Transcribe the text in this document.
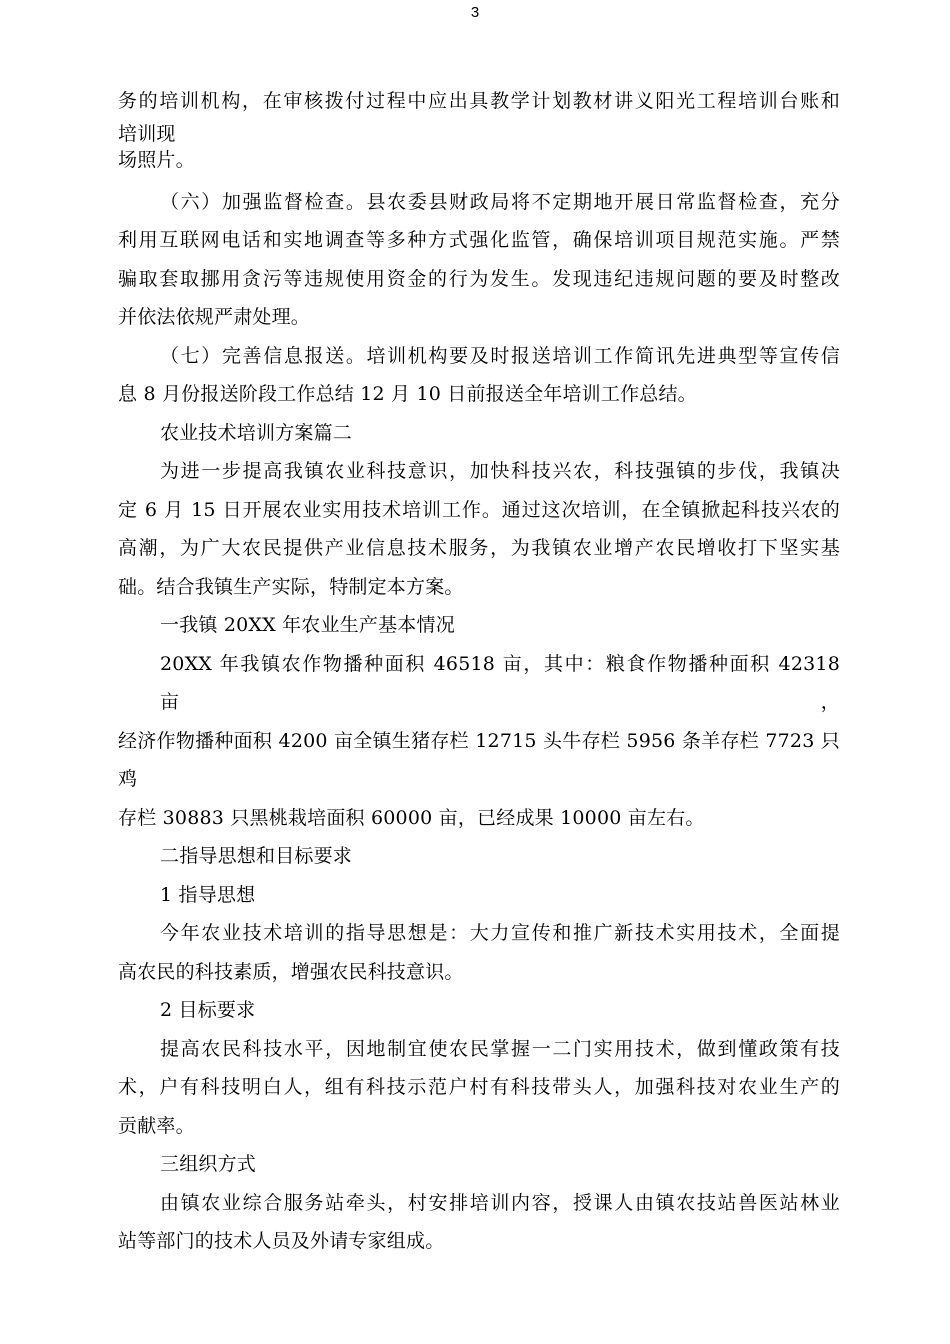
3
务的培训机构，在审核拨付过程中应出具教学计划教材讲义阳光工程培训台账和
培训现
场照片。
（六）加强监督检查。县农委县财政局将不定期地开展日常监督检查，充分
利用互联网电话和实地调查等多种方式强化监管，确保培训项目规范实施。严禁
骗取套取挪用贪污等违规使用资金的行为发生。发现违纪违规问题的要及时整改
并依法依规严肃处理。
（七）完善信息报送。培训机构要及时报送培训工作简讯先进典型等宣传信
息 8 月份报送阶段工作总结 12 月 10 日前报送全年培训工作总结。
农业技术培训方案篇二
为进一步提高我镇农业科技意识，加快科技兴农，科技强镇的步伐，我镇决
定 6 月 15 日开展农业实用技术培训工作。通过这次培训，在全镇掀起科技兴农的
高潮，为广大农民提供产业信息技术服务，为我镇农业增产农民增收打下坚实基
础。结合我镇生产实际，特制定本方案。
一我镇 20XX 年农业生产基本情况
20XX 年我镇农作物播种面积 46518 亩，其中：粮食作物播种面积 42318 亩，
经济作物播种面积 4200 亩全镇生猪存栏 12715 头牛存栏 5956 条羊存栏 7723 只鸡
存栏 30883 只黑桃栽培面积 60000 亩，已经成果 10000 亩左右。
二指导思想和目标要求
1 指导思想
今年农业技术培训的指导思想是：大力宣传和推广新技术实用技术，全面提
高农民的科技素质，增强农民科技意识。
2 目标要求
提高农民科技水平，因地制宜使农民掌握一二门实用技术，做到懂政策有技
术，户有科技明白人，组有科技示范户村有科技带头人，加强科技对农业生产的
贡献率。
三组织方式
由镇农业综合服务站牵头，村安排培训内容，授课人由镇农技站兽医站林业
站等部门的技术人员及外请专家组成。
